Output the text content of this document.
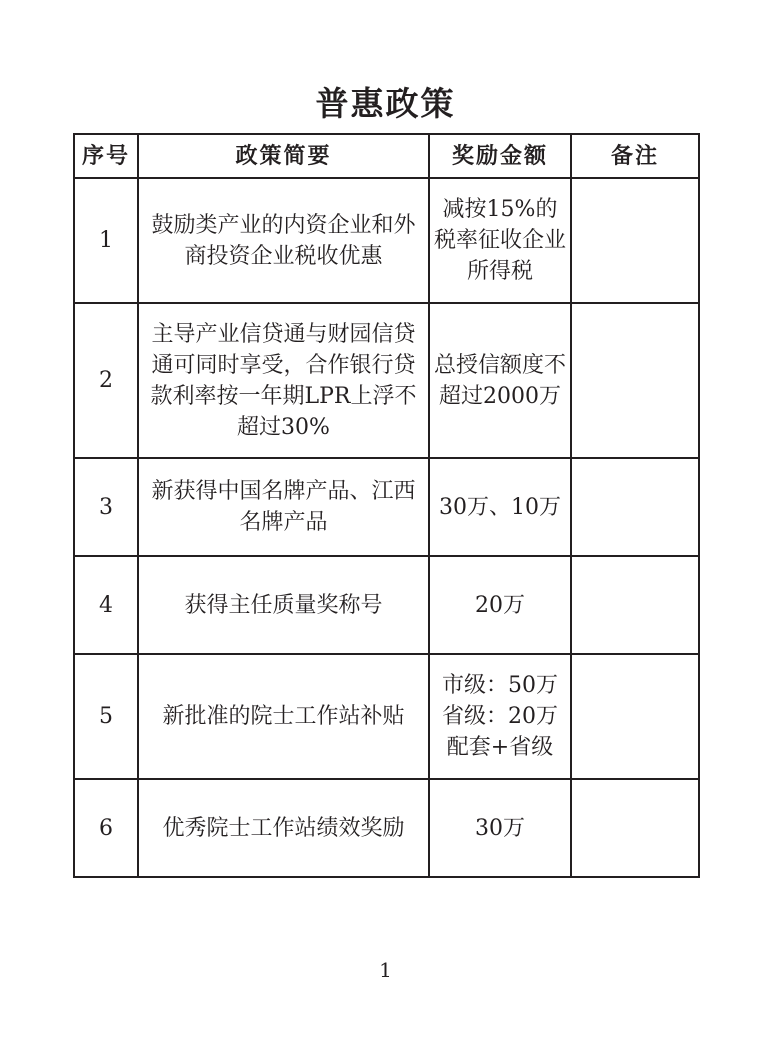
普惠政策
序号	政策简要	奖励金额	备注
1	鼓励类产业的内资企业和外商投资企业税收优惠	减按15%的税率征收企业所得税	
2	主导产业信贷通与财园信贷通可同时享受，合作银行贷款利率按一年期LPR上浮不超过30%	总授信额度不超过2000万	
3	新获得中国名牌产品、江西名牌产品	30万、10万	
4	获得主任质量奖称号	20万	
5	新批准的院士工作站补贴	市级：50万
省级：20万
配套+省级	

6	优秀院士工作站绩效奖励	30万	
1
